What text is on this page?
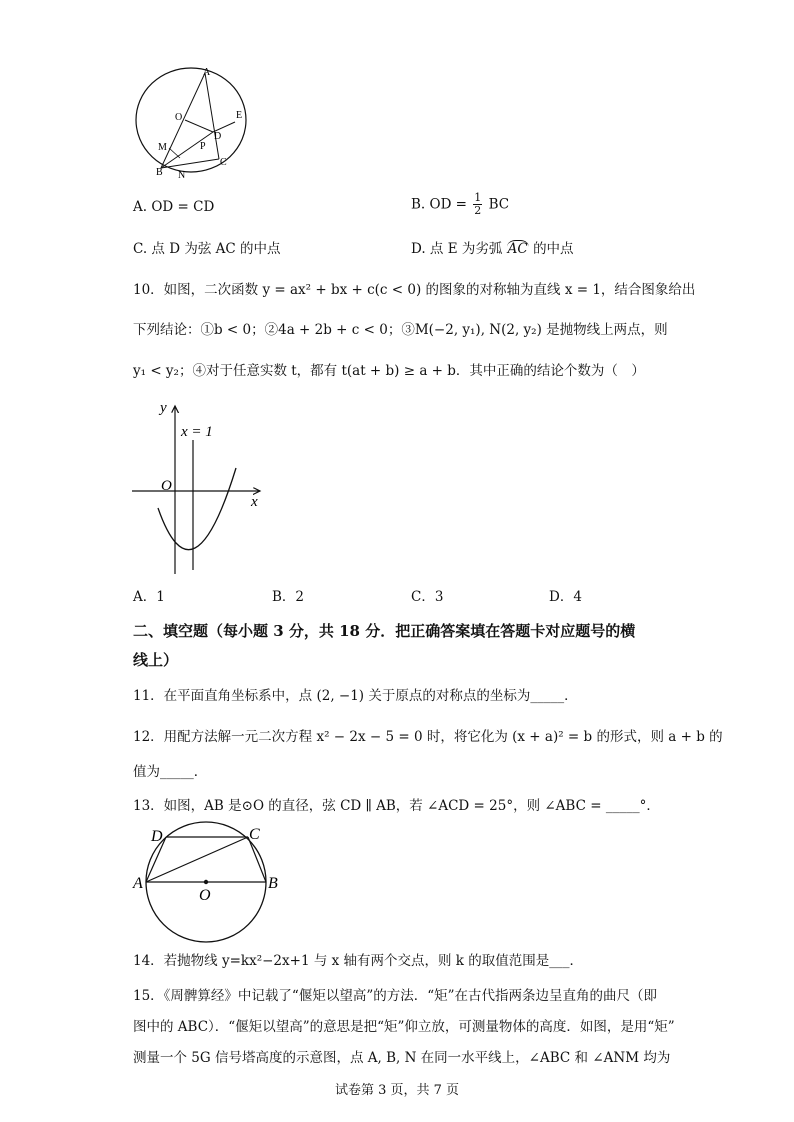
A
O	E
D
M	P
C
B N
A. OD = CD	B. OD = $\frac{1}{2}$ BC
C. 点 D 为弦 AC 的中点	D. 点 E 为劣弧 AC 的中点
10．如图，二次函数 y = ax² + bx + c(c < 0) 的图象的对称轴为直线 x = 1，结合图象给出
下列结论：①b < 0；②4a + 2b + c < 0；③M(−2, y₁), N(2, y₂) 是抛物线上两点，则
y₁ < y₂；④对于任意实数 t，都有 t(at + b) ≥ a + b．其中正确的结论个数为（　）
y
x
O
x = 1
A．1	B．2	C．3	D．4
二、填空题（每小题 3 分，共 18 分．把正确答案填在答题卡对应题号的横
线上）
11．在平面直角坐标系中，点 (2, −1) 关于原点的对称点的坐标为_____．
12．用配方法解一元二次方程 x² − 2x − 5 = 0 时，将它化为 (x + a)² = b 的形式，则 a + b 的
值为_____．
13．如图，AB 是⊙O 的直径，弦 CD ∥ AB，若 ∠ACD = 25°，则 ∠ABC = _____°．
D	C
A
O
B
14．若抛物线 y=kx²−2x+1 与 x 轴有两个交点，则 k 的取值范围是___．
15．《周髀算经》中记载了“偃矩以望高”的方法．“矩”在古代指两条边呈直角的曲尺（即
图中的 ABC）．“偃矩以望高”的意思是把“矩”仰立放，可测量物体的高度．如图，是用“矩”
测量一个 5G 信号塔高度的示意图，点 A, B, N 在同一水平线上，∠ABC 和 ∠ANM 均为
试卷第 3 页，共 7 页
